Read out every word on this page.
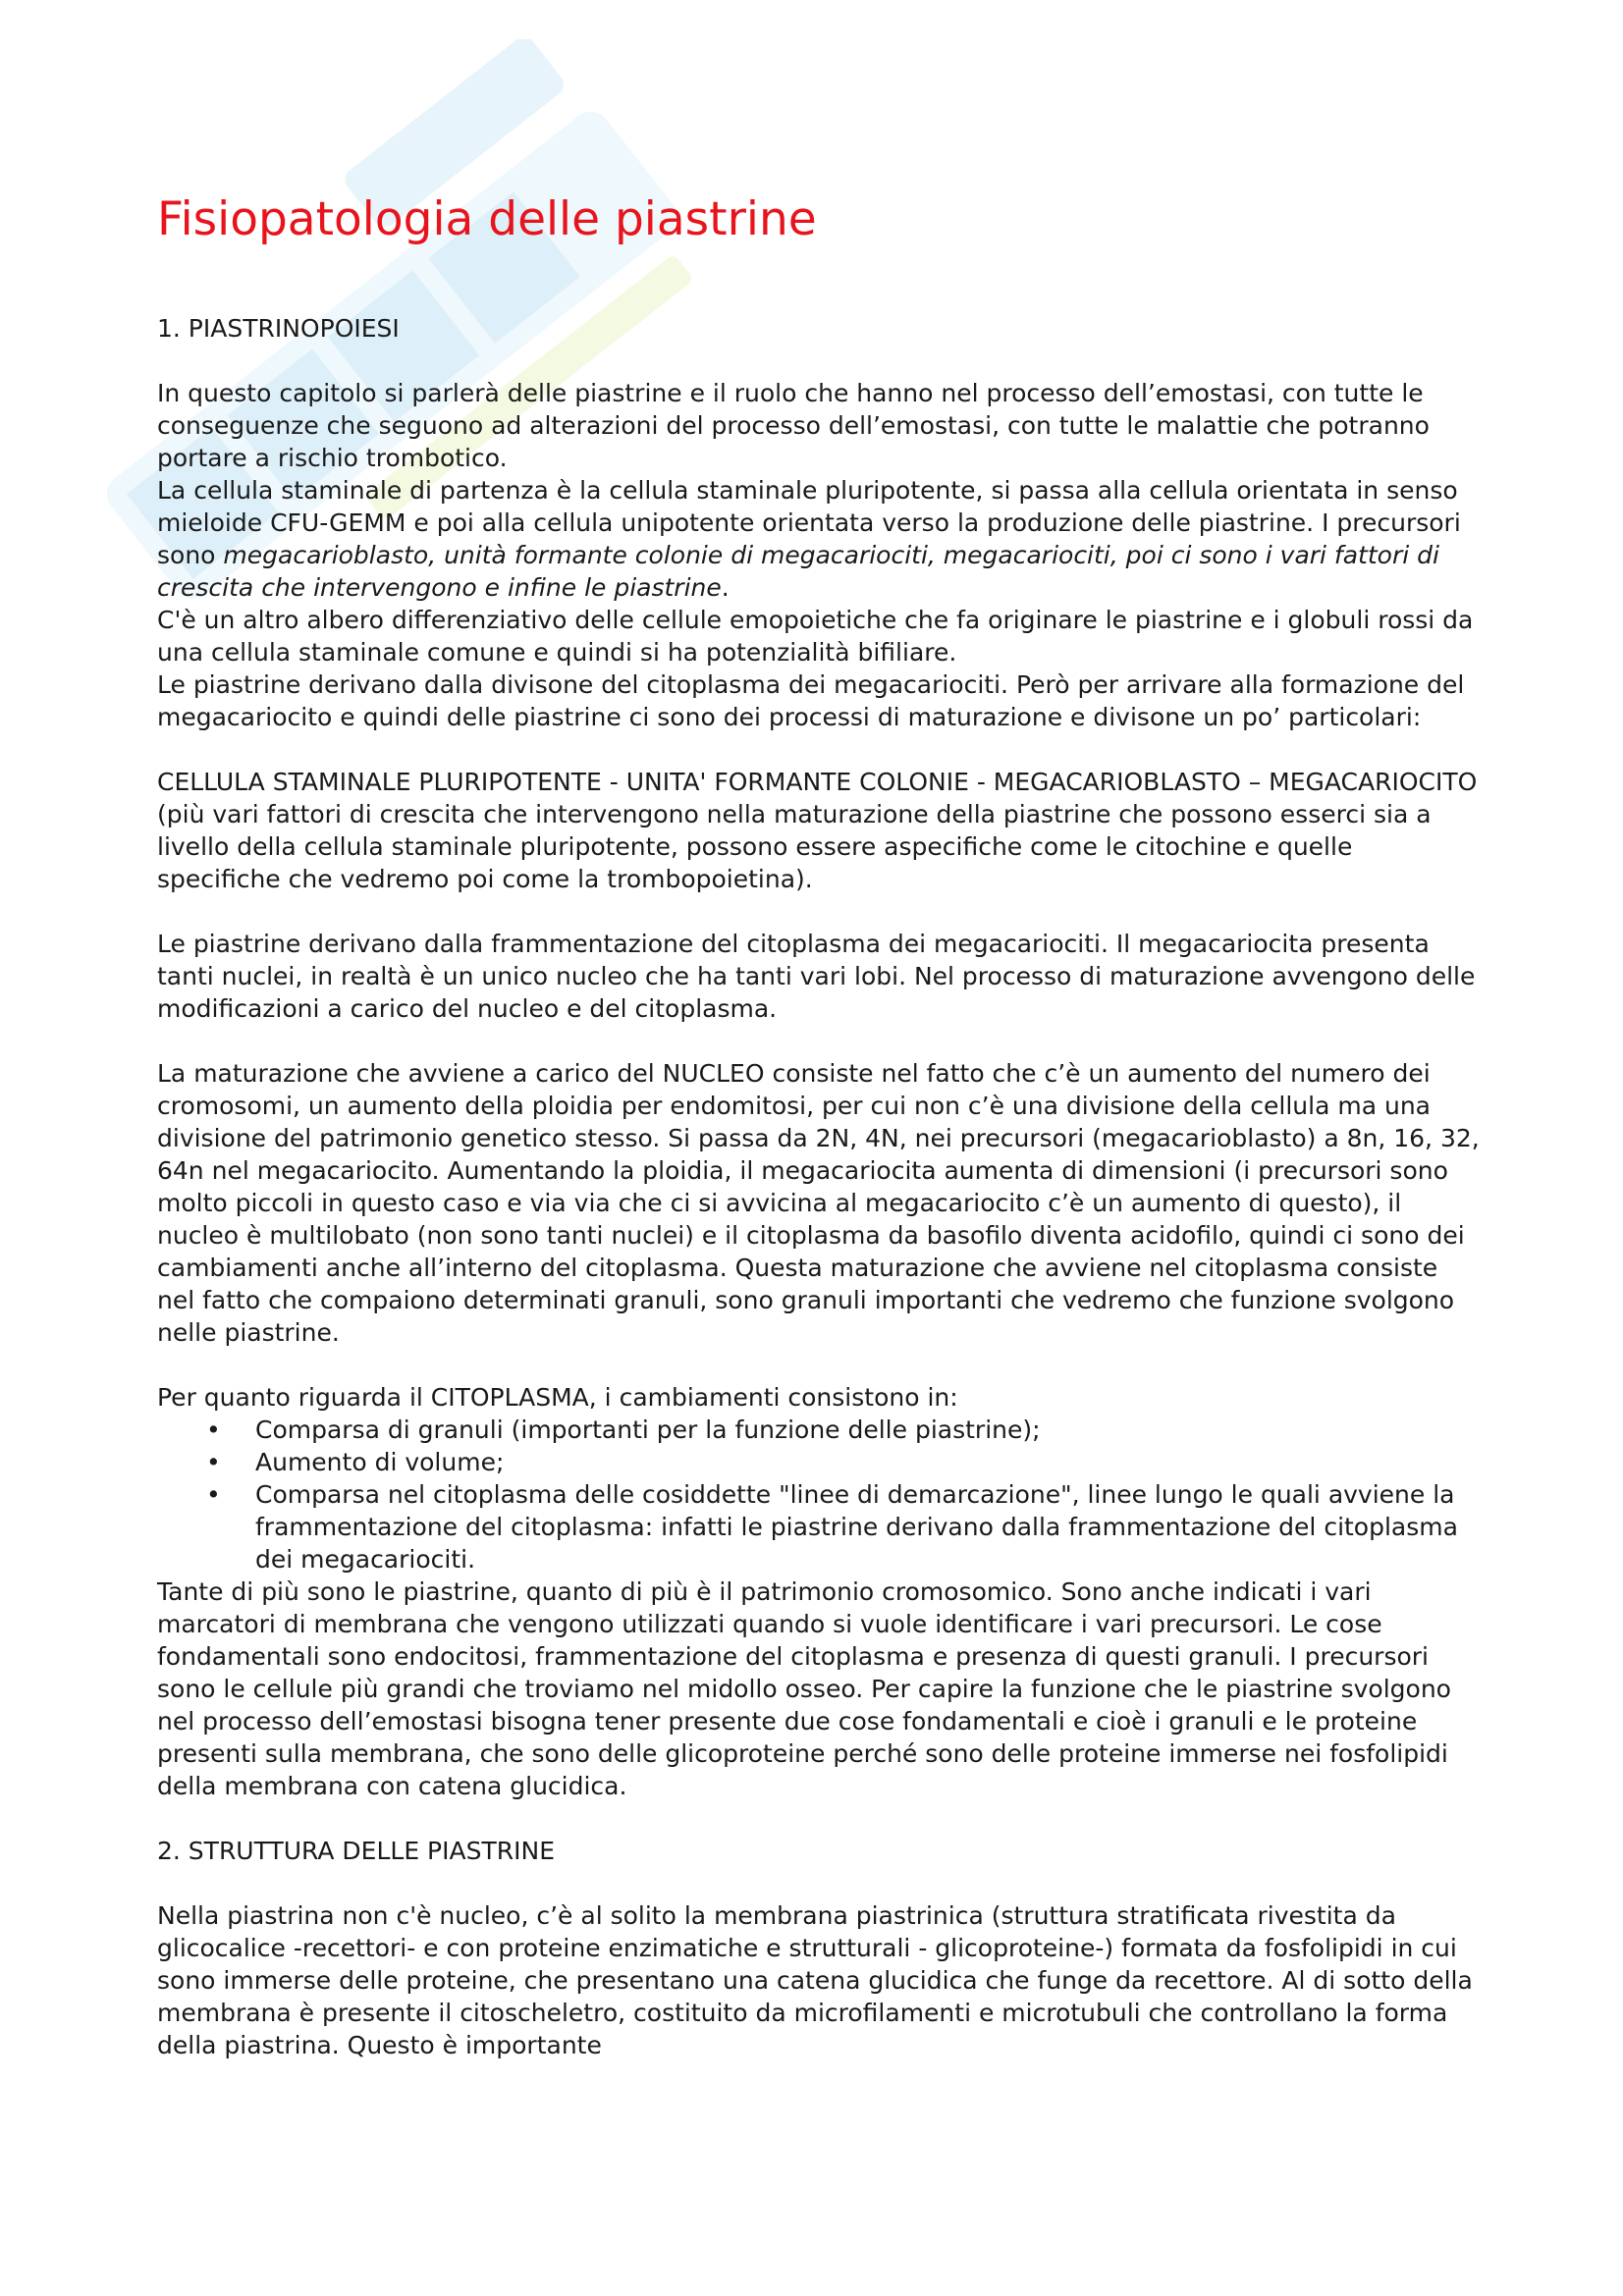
Fisiopatologia delle piastrine

1. PIASTRINOPOIESI

In questo capitolo si parlerà delle piastrine e il ruolo che hanno nel processo dell’emostasi, con tutte le conseguenze che seguono ad alterazioni del processo dell’emostasi, con tutte le malattie che potranno portare a rischio trombotico.

La cellula staminale di partenza è la cellula staminale pluripotente, si passa alla cellula orientata in senso mieloide CFU-GEMM e poi alla cellula unipotente orientata verso la produzione delle piastrine. I precursori sono megacarioblasto, unità formante colonie di megacariociti, megacariociti, poi ci sono i vari fattori di crescita che intervengono e infine le piastrine.

C'è un altro albero differenziativo delle cellule emopoietiche che fa originare le piastrine e i globuli rossi da una cellula staminale comune e quindi si ha potenzialità bifiliare.

Le piastrine derivano dalla divisone del citoplasma dei megacariociti. Però per arrivare alla formazione del megacariocito e quindi delle piastrine ci sono dei processi di maturazione e divisone un po’ particolari:

CELLULA STAMINALE PLURIPOTENTE - UNITA' FORMANTE COLONIE - MEGACARIOBLASTO – MEGACARIOCITO (più vari fattori di crescita che intervengono nella maturazione della piastrine che possono esserci sia a livello della cellula staminale pluripotente, possono essere aspecifiche come le citochine e quelle specifiche che vedremo poi come la trombopoietina).

Le piastrine derivano dalla frammentazione del citoplasma dei megacariociti. Il megacariocita presenta tanti nuclei, in realtà è un unico nucleo che ha tanti vari lobi. Nel processo di maturazione avvengono delle modificazioni a carico del nucleo e del citoplasma.

La maturazione che avviene a carico del NUCLEO consiste nel fatto che c’è un aumento del numero dei cromosomi, un aumento della ploidia per endomitosi, per cui non c’è una divisione della cellula ma una divisione del patrimonio genetico stesso. Si passa da 2N, 4N, nei precursori (megacarioblasto) a 8n, 16, 32, 64n nel megacariocito. Aumentando la ploidia, il megacariocita aumenta di dimensioni (i precursori sono molto piccoli in questo caso e via via che ci si avvicina al megacariocito c’è un aumento di questo), il nucleo è multilobato (non sono tanti nuclei) e il citoplasma da basofilo diventa acidofilo, quindi ci sono dei cambiamenti anche all’interno del citoplasma. Questa maturazione che avviene nel citoplasma consiste nel fatto che compaiono determinati granuli, sono granuli importanti che vedremo che funzione svolgono nelle piastrine.

Per quanto riguarda il CITOPLASMA, i cambiamenti consistono in:

• Comparsa di granuli (importanti per la funzione delle piastrine);
• Aumento di volume;
• Comparsa nel citoplasma delle cosiddette "linee di demarcazione", linee lungo le quali avviene la frammentazione del citoplasma: infatti le piastrine derivano dalla frammentazione del citoplasma dei megacariociti.

Tante di più sono le piastrine, quanto di più è il patrimonio cromosomico. Sono anche indicati i vari marcatori di membrana che vengono utilizzati quando si vuole identificare i vari precursori. Le cose fondamentali sono endocitosi, frammentazione del citoplasma e presenza di questi granuli. I precursori sono le cellule più grandi che troviamo nel midollo osseo. Per capire la funzione che le piastrine svolgono nel processo dell’emostasi bisogna tener presente due cose fondamentali e cioè i granuli e le proteine presenti sulla membrana, che sono delle glicoproteine perché sono delle proteine immerse nei fosfolipidi della membrana con catena glucidica.

2. STRUTTURA DELLE PIASTRINE

Nella piastrina non c'è nucleo, c’è al solito la membrana piastrinica (struttura stratificata rivestita da glicocalice -recettori- e con proteine enzimatiche e strutturali - glicoproteine-) formata da fosfolipidi in cui sono immerse delle proteine, che presentano una catena glucidica che funge da recettore. Al di sotto della membrana è presente il citoscheletro, costituito da microfilamenti e microtubuli che controllano la forma della piastrina. Questo è importante
